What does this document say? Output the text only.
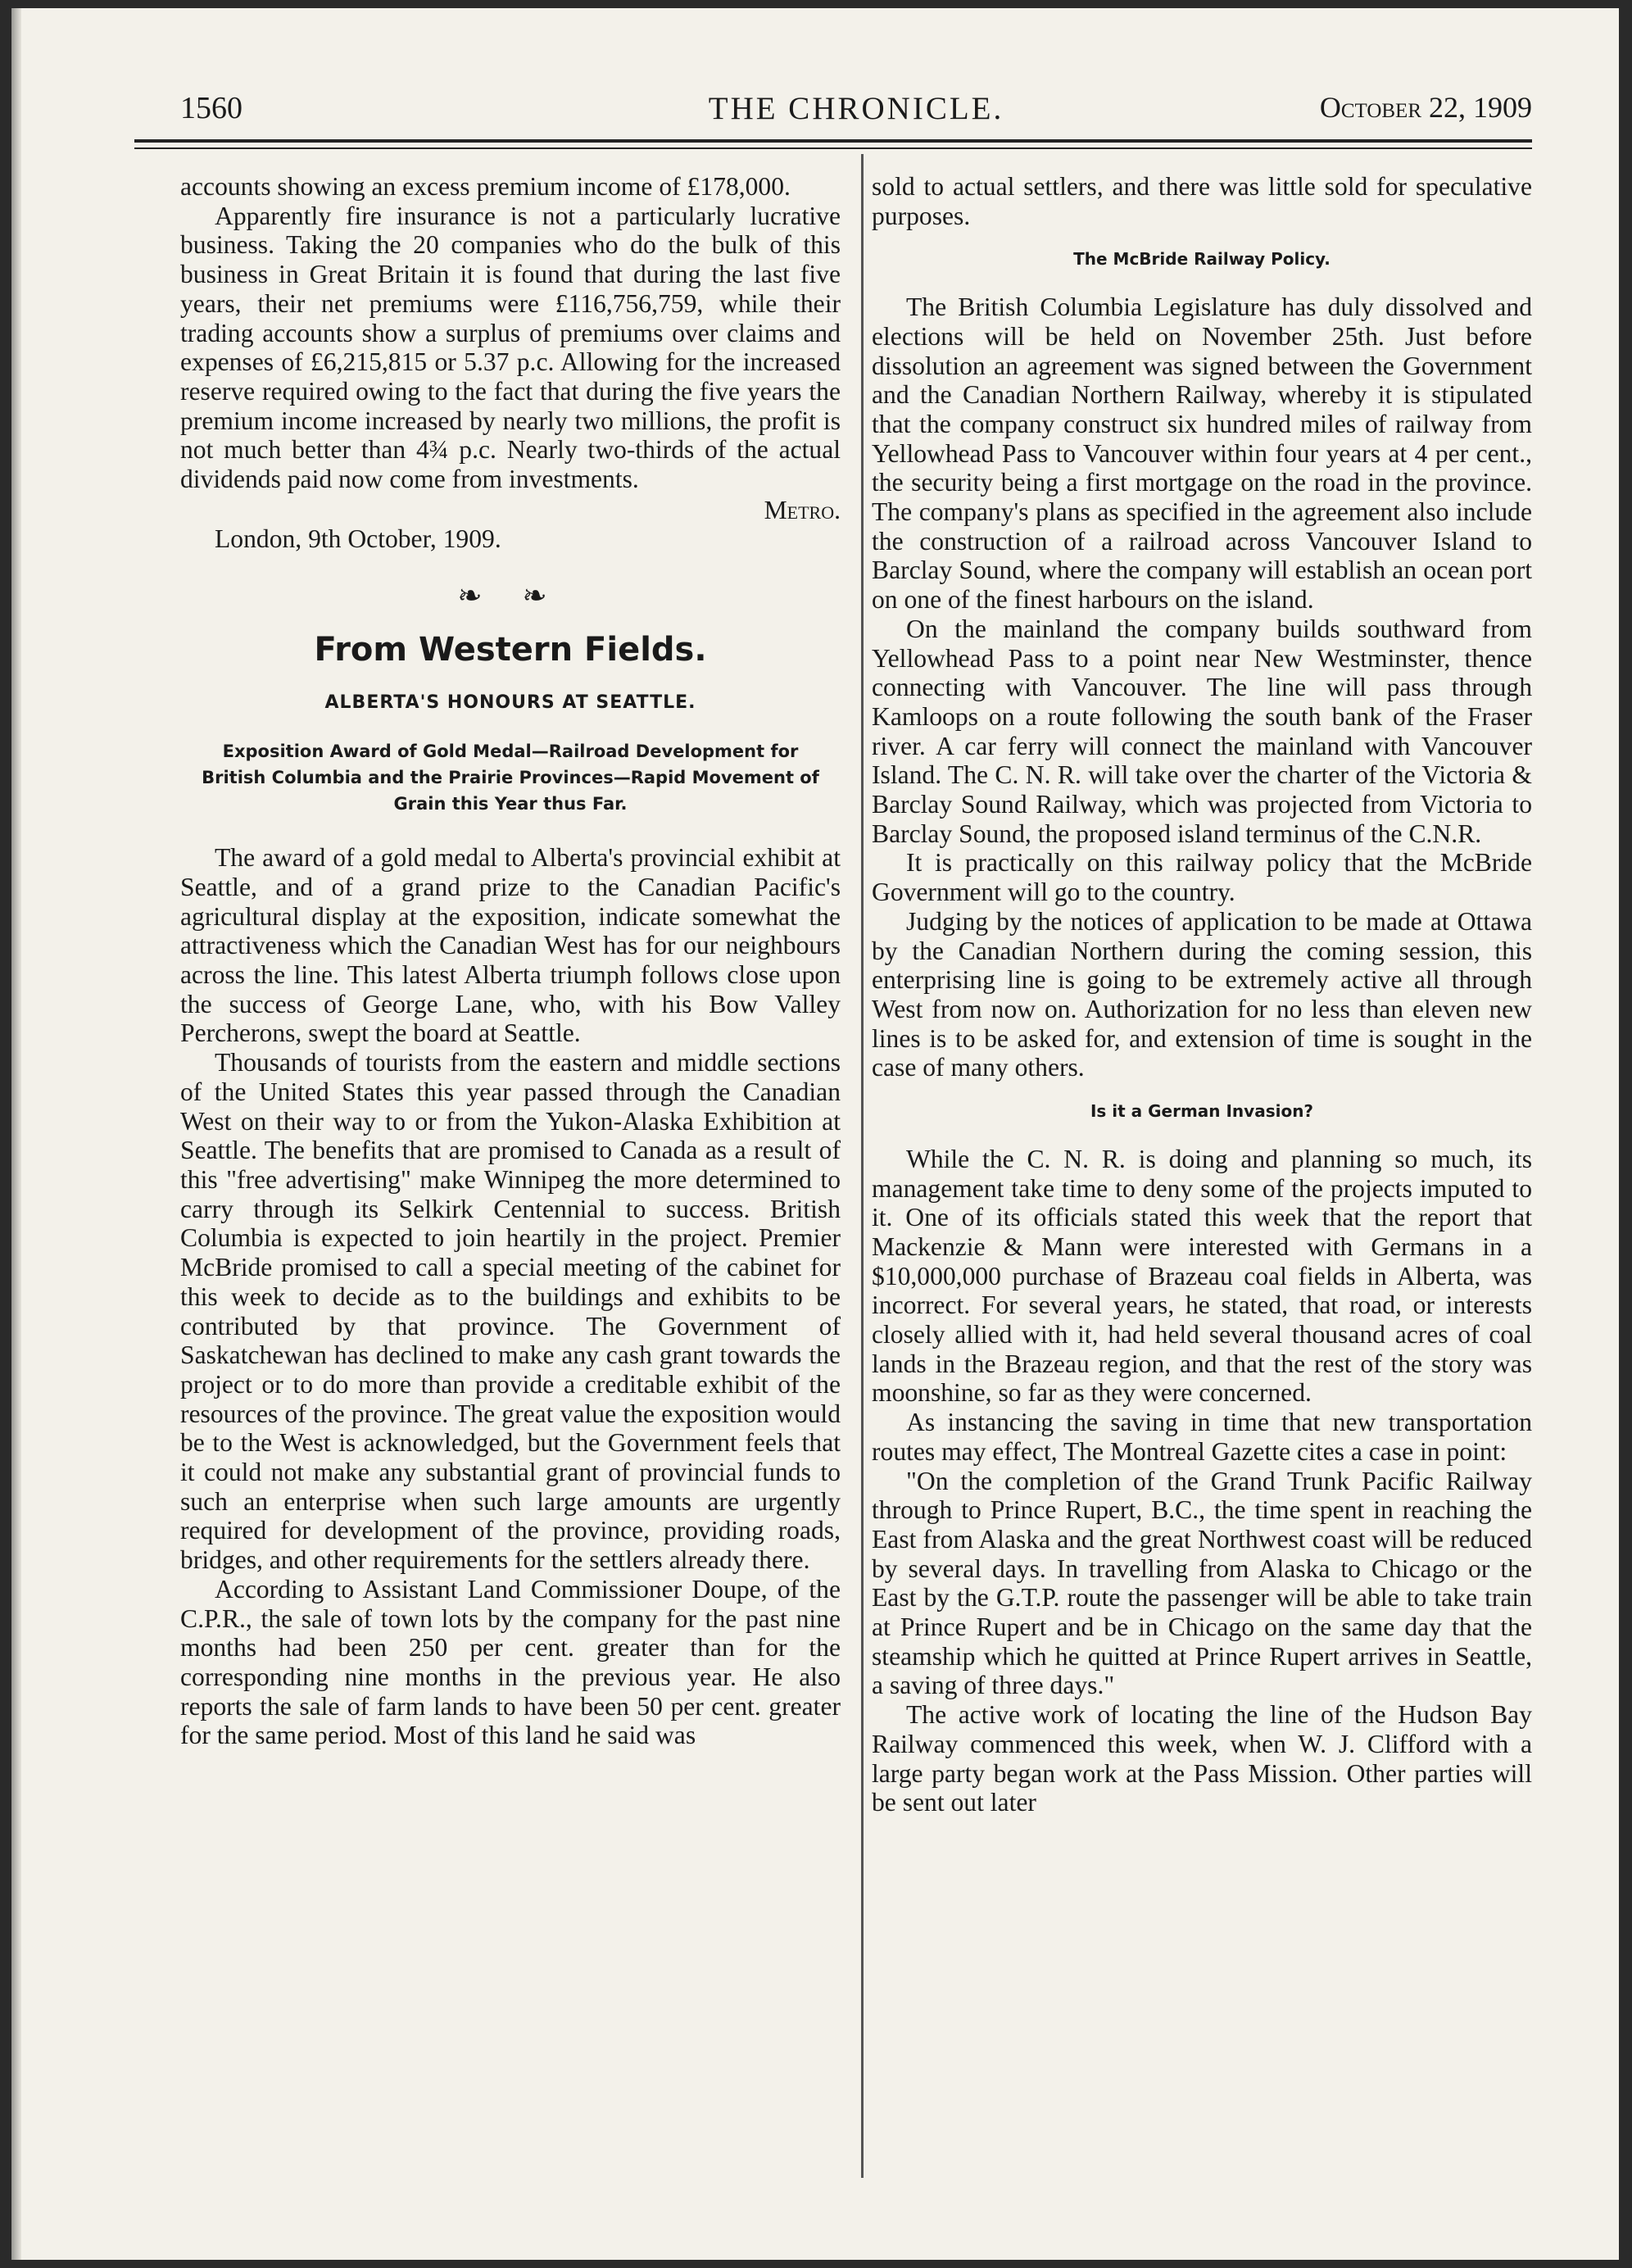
1560	THE CHRONICLE.	October 22, 1909

accounts showing an excess premium income of £178,000.

Apparently fire insurance is not a particularly lucrative business. Taking the 20 companies who do the bulk of this business in Great Britain it is found that during the last five years, their net premiums were £116,756,759, while their trading accounts show a surplus of premiums over claims and expenses of £6,215,815 or 5.37 p.c. Allowing for the increased reserve required owing to the fact that during the five years the premium income increased by nearly two millions, the profit is not much better than 4¾ p.c. Nearly two-thirds of the actual dividends paid now come from investments.

Metro.

London, 9th October, 1909.

❧ ❧
From Western Fields.
ALBERTA'S HONOURS AT SEATTLE.
Exposition Award of Gold Medal—Railroad Development for British Columbia and the Prairie Provinces—Rapid Movement of Grain this Year thus Far.

The award of a gold medal to Alberta's provincial exhibit at Seattle, and of a grand prize to the Canadian Pacific's agricultural display at the exposition, indicate somewhat the attractiveness which the Canadian West has for our neighbours across the line. This latest Alberta triumph follows close upon the success of George Lane, who, with his Bow Valley Percherons, swept the board at Seattle.

Thousands of tourists from the eastern and middle sections of the United States this year passed through the Canadian West on their way to or from the Yukon-Alaska Exhibition at Seattle. The benefits that are promised to Canada as a result of this "free advertising" make Winnipeg the more determined to carry through its Selkirk Centennial to success. British Columbia is expected to join heartily in the project. Premier McBride promised to call a special meeting of the cabinet for this week to decide as to the buildings and exhibits to be contributed by that province. The Government of Saskatchewan has declined to make any cash grant towards the project or to do more than provide a creditable exhibit of the resources of the province. The great value the exposition would be to the West is acknowledged, but the Government feels that it could not make any substantial grant of provincial funds to such an enterprise when such large amounts are urgently required for development of the province, providing roads, bridges, and other requirements for the settlers already there.

According to Assistant Land Commissioner Doupe, of the C.P.R., the sale of town lots by the company for the past nine months had been 250 per cent. greater than for the corresponding nine months in the previous year. He also reports the sale of farm lands to have been 50 per cent. greater for the same period. Most of this land he said was

sold to actual settlers, and there was little sold for speculative purposes.

The McBride Railway Policy.

The British Columbia Legislature has duly dissolved and elections will be held on November 25th. Just before dissolution an agreement was signed between the Government and the Canadian Northern Railway, whereby it is stipulated that the company construct six hundred miles of railway from Yellowhead Pass to Vancouver within four years at 4 per cent., the security being a first mortgage on the road in the province. The company's plans as specified in the agreement also include the construction of a railroad across Vancouver Island to Barclay Sound, where the company will establish an ocean port on one of the finest harbours on the island.

On the mainland the company builds southward from Yellowhead Pass to a point near New Westminster, thence connecting with Vancouver. The line will pass through Kamloops on a route following the south bank of the Fraser river. A car ferry will connect the mainland with Vancouver Island. The C. N. R. will take over the charter of the Victoria & Barclay Sound Railway, which was projected from Victoria to Barclay Sound, the proposed island terminus of the C.N.R.

It is practically on this railway policy that the McBride Government will go to the country.

Judging by the notices of application to be made at Ottawa by the Canadian Northern during the coming session, this enterprising line is going to be extremely active all through West from now on. Authorization for no less than eleven new lines is to be asked for, and extension of time is sought in the case of many others.

Is it a German Invasion?

While the C. N. R. is doing and planning so much, its management take time to deny some of the projects imputed to it. One of its officials stated this week that the report that Mackenzie & Mann were interested with Germans in a $10,000,000 purchase of Brazeau coal fields in Alberta, was incorrect. For several years, he stated, that road, or interests closely allied with it, had held several thousand acres of coal lands in the Brazeau region, and that the rest of the story was moonshine, so far as they were concerned.

As instancing the saving in time that new transportation routes may effect, The Montreal Gazette cites a case in point:

"On the completion of the Grand Trunk Pacific Railway through to Prince Rupert, B.C., the time spent in reaching the East from Alaska and the great Northwest coast will be reduced by several days. In travelling from Alaska to Chicago or the East by the G.T.P. route the passenger will be able to take train at Prince Rupert and be in Chicago on the same day that the steamship which he quitted at Prince Rupert arrives in Seattle, a saving of three days."

The active work of locating the line of the Hudson Bay Railway commenced this week, when W. J. Clifford with a large party began work at the Pass Mission. Other parties will be sent out later
